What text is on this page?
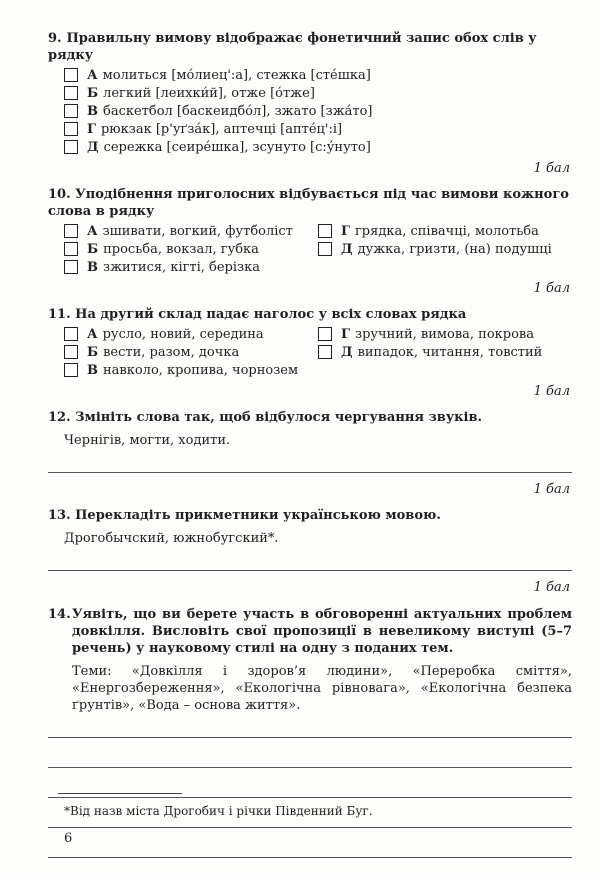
9. Правильну вимову відображає фонетичний запис обох слів у рядку
А молиться [мо́лиец':а], стежка [сте́шка]
Б легкий [леихки́й], отже [о́тже]
В баскетбол [баскеидбо́л], зжато [зжа́то]
Г рюкзак [р'уґза́к], аптечці [апте́ц':і]
Д сережка [сеире́шка], зсунуто [с:у́нуто]
1 бал
10. Уподібнення приголосних відбувається під час вимови кожного слова в рядку
А зшивати, вогкий, футболіст
Б просьба, вокзал, губка
В зжитися, кігті, берізка
Г грядка, співачці, молотьба
Д дужка, гризти, (на) подушці
1 бал
11. На другий склад падає наголос у всіх словах рядка
А русло, новий, середина
Б вести, разом, дочка
В навколо, кропива, чорнозем
Г зручний, вимова, покрова
Д випадок, читання, товстий
1 бал
12. Змініть слова так, щоб відбулося чергування звуків.
Чернігів, могти, ходити.
1 бал
13. Перекладіть прикметники українською мовою.
Дрогобычский, южнобугский*.
1 бал
14. Уявіть, що ви берете участь в обговоренні актуальних проблем довкілля. Висловіть свої пропозиції в невеликому виступі (5–7 речень) у науковому стилі на одну з поданих тем.
Теми: «Довкілля і здоров’я людини», «Переробка сміття», «Енергозбереження», «Екологічна рівновага», «Екологічна безпека ґрунтів», «Вода – основа життя».
*Від назв міста Дрогобич і річки Південний Буг.
6
